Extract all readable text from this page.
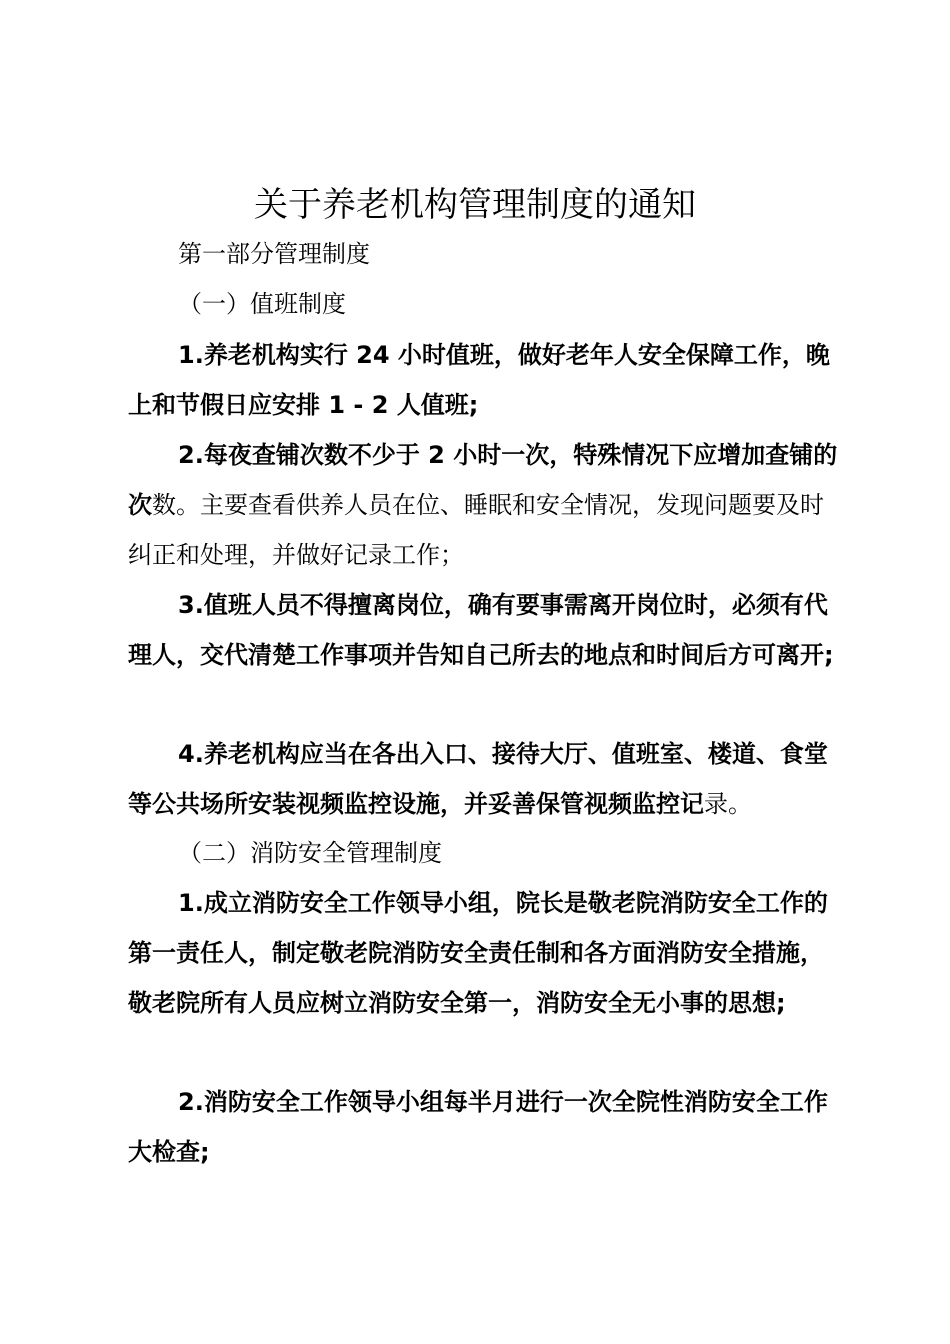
关于养老机构管理制度的通知

第一部分管理制度

（一）值班制度

1.养老机构实行 24 小时值班，做好老年人安全保障工作，晚上和节假日应安排 1 - 2 人值班;

2.每夜查铺次数不少于 2 小时一次，特殊情况下应增加查铺的次数。主要查看供养人员在位、睡眠和安全情况，发现问题要及时纠正和处理，并做好记录工作；

3.值班人员不得擅离岗位，确有要事需离开岗位时，必须有代理人，交代清楚工作事项并告知自己所去的地点和时间后方可离开;

4.养老机构应当在各出入口、接待大厅、值班室、楼道、食堂等公共场所安装视频监控设施，并妥善保管视频监控记录。

（二）消防安全管理制度

1.成立消防安全工作领导小组，院长是敬老院消防安全工作的第一责任人，制定敬老院消防安全责任制和各方面消防安全措施，敬老院所有人员应树立消防安全第一，消防安全无小事的思想;

2.消防安全工作领导小组每半月进行一次全院性消防安全工作大检查;
